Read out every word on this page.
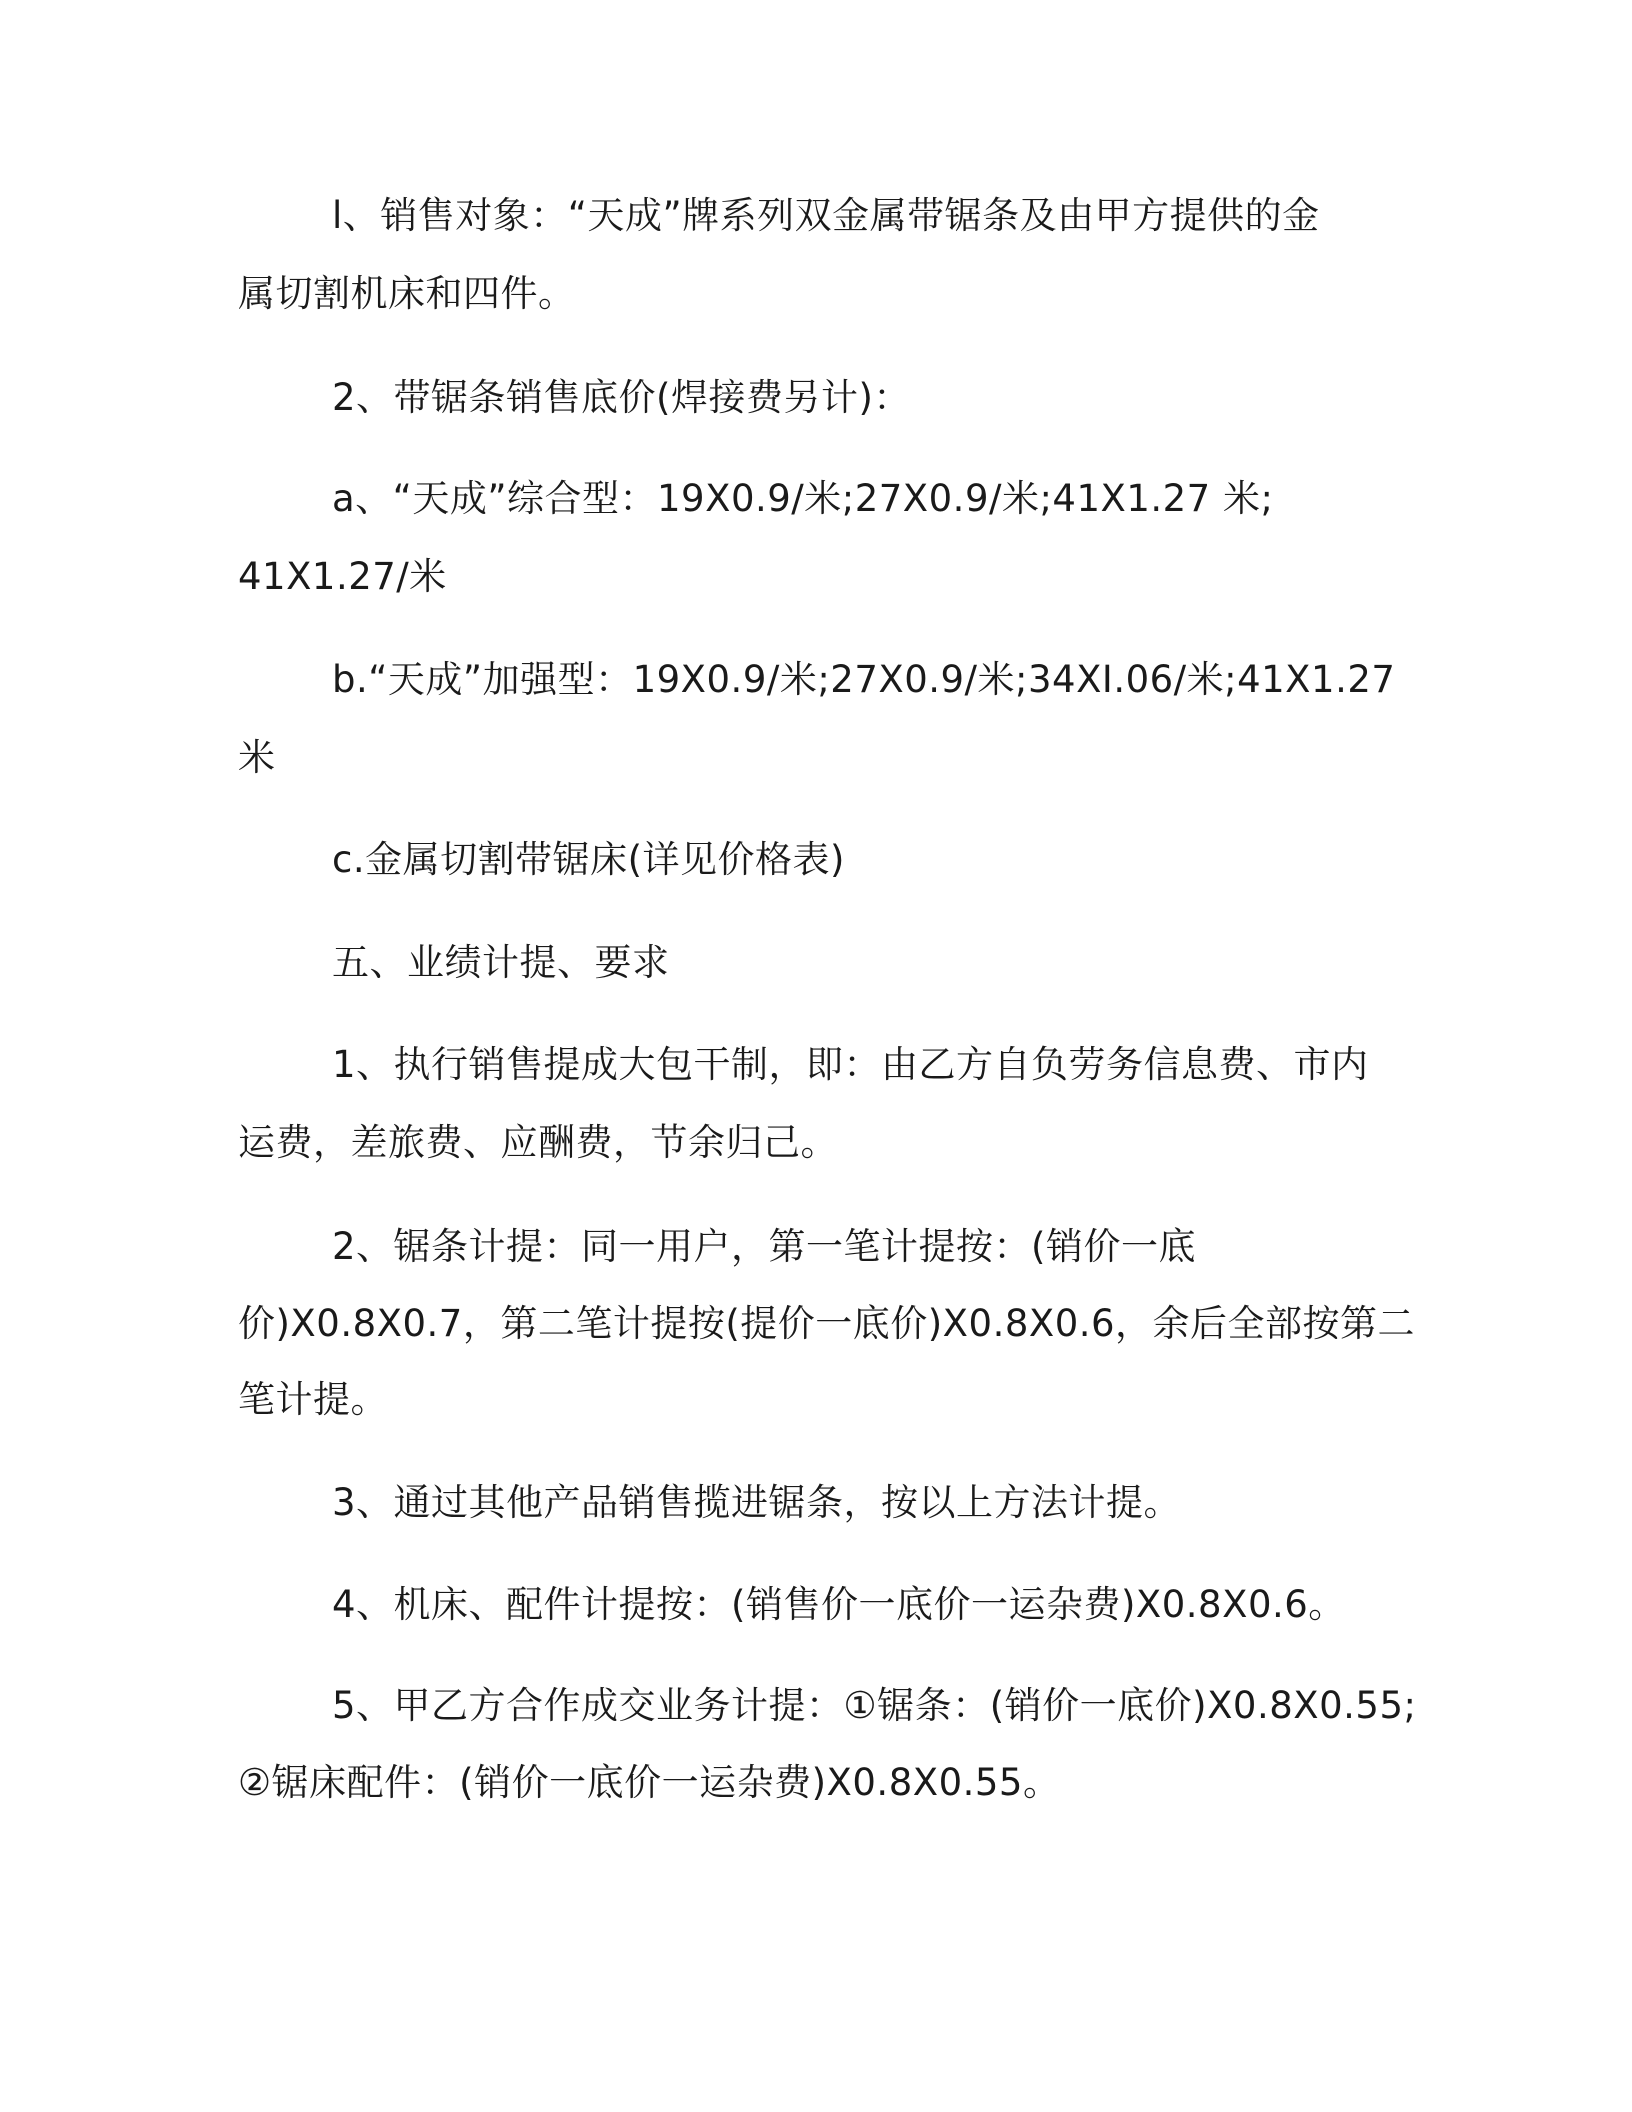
l、销售对象：“天成”牌系列双金属带锯条及由甲方提供的金
属切割机床和四件。
2、带锯条销售底价(焊接费另计)：
a、“天成”综合型：19X0.9/米;27X0.9/米;41X1.27 米;
41X1.27/米
b.“天成”加强型：19X0.9/米;27X0.9/米;34XI.06/米;41X1.27
米
c.金属切割带锯床(详见价格表)
五、业绩计提、要求
1、执行销售提成大包干制，即：由乙方自负劳务信息费、市内
运费，差旅费、应酬费，节余归己。
2、锯条计提：同一用户，第一笔计提按：(销价一底
价)X0.8X0.7，第二笔计提按(提价一底价)X0.8X0.6，余后全部按第二
笔计提。
3、通过其他产品销售揽进锯条，按以上方法计提。
4、机床、配件计提按：(销售价一底价一运杂费)X0.8X0.6。
5、甲乙方合作成交业务计提：①锯条：(销价一底价)X0.8X0.55;
②锯床配件：(销价一底价一运杂费)X0.8X0.55。
